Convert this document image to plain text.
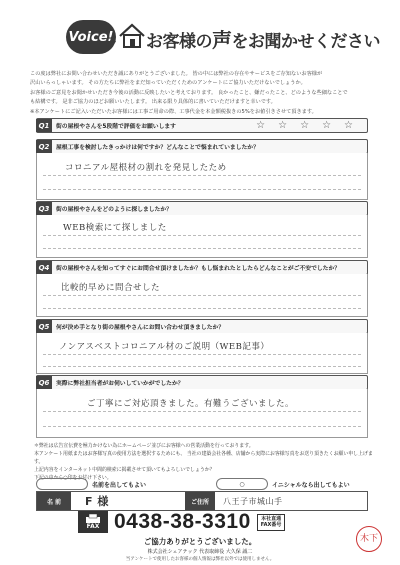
Voice! お客様の声をお聞かせください

この度は弊社にお問い合わせいただき誠にありがとうございました。 皆の中には弊社の存在やサービスをご存知ないお客様が

沢山いらっしゃいます。 その方たちに弊社をまだ知っていただくためのアンケートにご協力いただけないでしょうか。

お客様のご意見をお聞かせいただき今後の活動に反映したいと考えております。 良かったこと、嫌だったこと、どのような些細なことで

も結構です。 是非ご協力のほどお願いいたします。 出来る限り具体的に書いていただけますと幸いです。

※本アンケートにご記入いただいたお客様には工事ご用命の際、工事代金を本金額税抜きの5%をお値引きさせて頂きます。

Q1	街の屋根やさんを5段階で評価をお願いします	☆ ☆ ☆ ☆ ☆
Q2	屋根工事を検討したきっかけは何ですか？どんなことで悩まれていましたか？
コロニアル屋根材の割れを発見したため
Q3	街の屋根やさんをどのように探しましたか？
WEB検索にて探しました
Q4	街の屋根やさんを知ってすぐにお問合せ頂けましたか？もし悩まれたとしたらどんなことがご不安でしたか？
比較的早めに問合せした
Q5	何が決め手となり街の屋根やさんにお問い合わせ頂きましたか？
ノンアスベストコロニアル材のご説明（WEB記事）
Q6	実際に弊社担当者がお伺いしていかがでしたか？
ご丁寧にご対応頂きました。有難うございました。

＊弊社は広告宣伝費を極力かけない為にホームページ並びにお客様への営業活動を行っております。

本アンケート用紙またはお客様写真の使用方法を選択するためにも、 当社の建築会社各種、店舗から実際にお客様写真をお送り頂きたくお願い申し上げます。

上記内容をインターネット中間的検索に掲載させて頂いてもよろしいでしょうか？

下記の中から○印をお付け下さい。

名前を出してもよい	○	イニシャルなら出してもよい
名 前	F 様	ご住所	八王子市城山手
FAX 0438-38-3310	本社直通
FAX番号
ご協力ありがとうございました。
株式会社シェアテック 代表取締役 大久保 誠二
当アンケートで使用したお客様の個人情報は弊社以外では使用しません。
木下
